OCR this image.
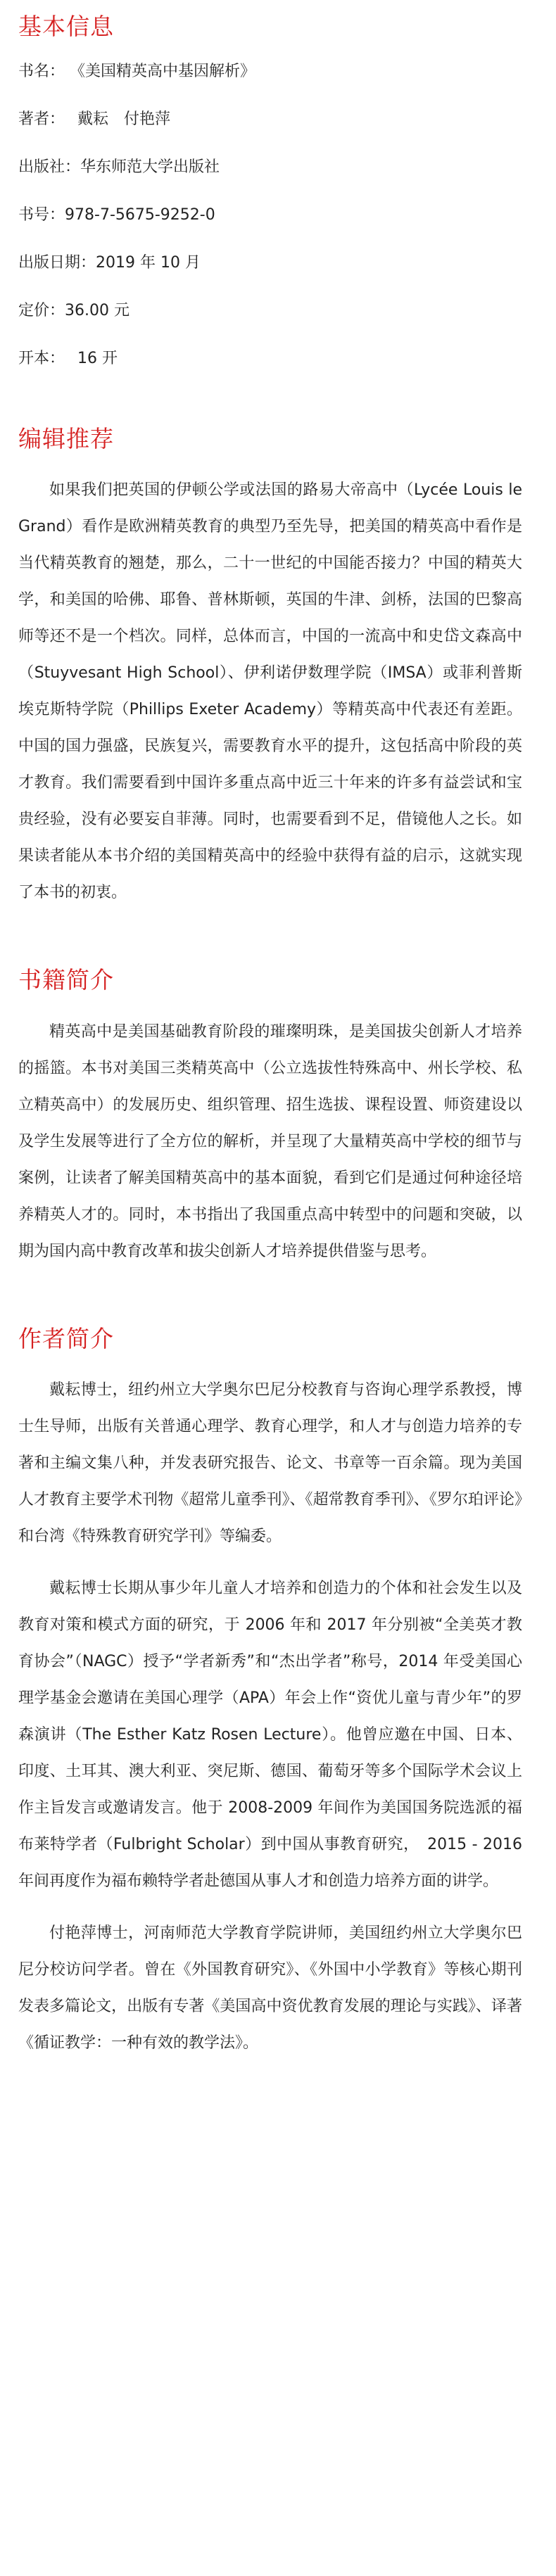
基本信息
书名： 《美国精英高中基因解析》
著者： 戴耘　付艳萍
出版社：华东师范大学出版社
书号：978-7-5675-9252-0
出版日期：2019 年 10 月
定价：36.00 元
开本： 16 开
编辑推荐

如果我们把英国的伊顿公学或法国的路易大帝高中（Lycée Louis le Grand）看作是欧洲精英教育的典型乃至先导，把美国的精英高中看作是当代精英教育的翘楚，那么，二十一世纪的中国能否接力？中国的精英大学，和美国的哈佛、耶鲁、普林斯顿，英国的牛津、剑桥，法国的巴黎高师等还不是一个档次。同样，总体而言，中国的一流高中和史岱文森高中（Stuyvesant High School）、伊利诺伊数理学院（IMSA）或菲利普斯埃克斯特学院（Phillips Exeter Academy）等精英高中代表还有差距。中国的国力强盛，民族复兴，需要教育水平的提升，这包括高中阶段的英才教育。我们需要看到中国许多重点高中近三十年来的许多有益尝试和宝贵经验，没有必要妄自菲薄。同时，也需要看到不足，借镜他人之长。如果读者能从本书介绍的美国精英高中的经验中获得有益的启示，这就实现了本书的初衷。

书籍简介

精英高中是美国基础教育阶段的璀璨明珠，是美国拔尖创新人才培养的摇篮。本书对美国三类精英高中（公立选拔性特殊高中、州长学校、私立精英高中）的发展历史、组织管理、招生选拔、课程设置、师资建设以及学生发展等进行了全方位的解析，并呈现了大量精英高中学校的细节与案例，让读者了解美国精英高中的基本面貌，看到它们是通过何种途径培养精英人才的。同时，本书指出了我国重点高中转型中的问题和突破，以期为国内高中教育改革和拔尖创新人才培养提供借鉴与思考。

作者简介

戴耘博士，纽约州立大学奥尔巴尼分校教育与咨询心理学系教授，博士生导师，出版有关普通心理学、教育心理学，和人才与创造力培养的专著和主编文集八种，并发表研究报告、论文、书章等一百余篇。现为美国人才教育主要学术刊物《超常儿童季刊》、《超常教育季刊》、《罗尔珀评论》和台湾《特殊教育研究学刊》等编委。

戴耘博士长期从事少年儿童人才培养和创造力的个体和社会发生以及教育对策和模式方面的研究，于 2006 年和 2017 年分别被“全美英才教育协会”（NAGC）授予“学者新秀”和“杰出学者”称号，2014 年受美国心理学基金会邀请在美国心理学（APA）年会上作“资优儿童与青少年”的罗森演讲（The Esther Katz Rosen Lecture）。他曾应邀在中国、日本、印度、土耳其、澳大利亚、突尼斯、德国、葡萄牙等多个国际学术会议上作主旨发言或邀请发言。他于 2008-2009 年间作为美国国务院选派的福布莱特学者（Fulbright Scholar）到中国从事教育研究，　2015 - 2016 年间再度作为福布赖特学者赴德国从事人才和创造力培养方面的讲学。

付艳萍博士，河南师范大学教育学院讲师，美国纽约州立大学奥尔巴尼分校访问学者。曾在《外国教育研究》、《外国中小学教育》等核心期刊发表多篇论文，出版有专著《美国高中资优教育发展的理论与实践》、译著《循证教学：一种有效的教学法》。
